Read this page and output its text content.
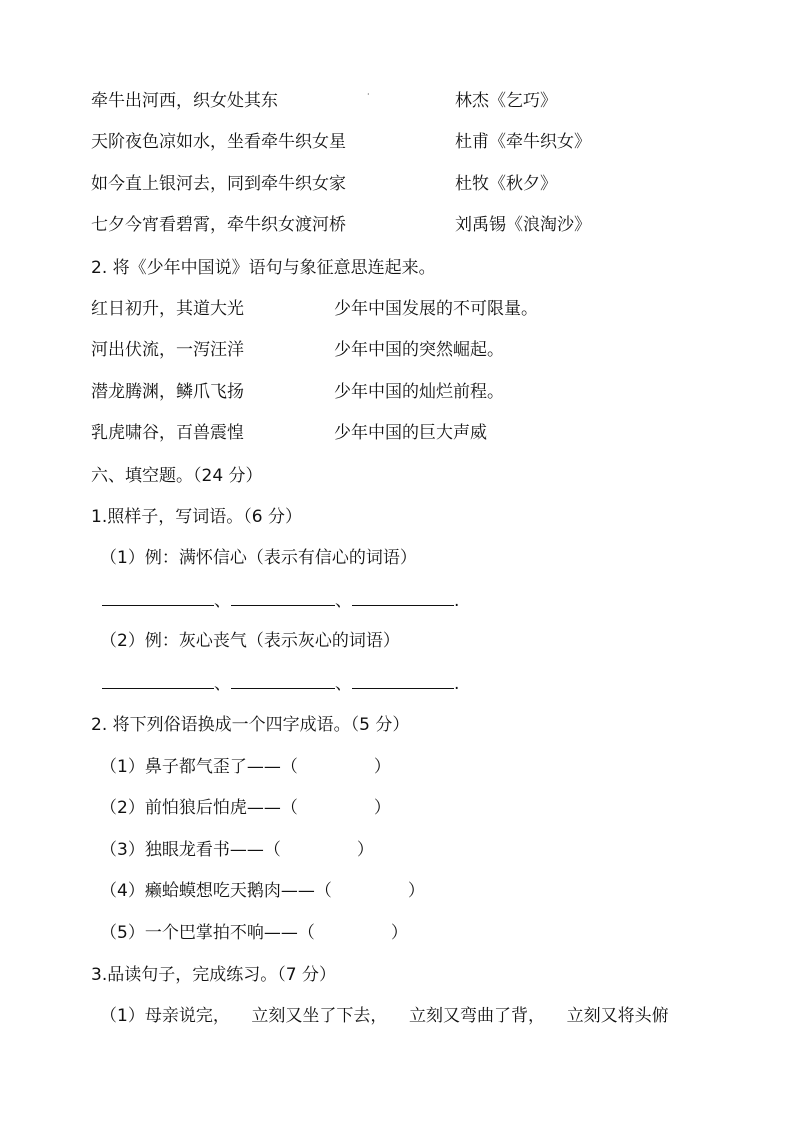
牵牛出河西，织女处其东	林杰《乞巧》
·
天阶夜色凉如水，坐看牵牛织女星	杜甫《牵牛织女》
如今直上银河去，同到牵牛织女家	杜牧《秋夕》
七夕今宵看碧霄，牵牛织女渡河桥	刘禹锡《浪淘沙》
2. 将《少年中国说》语句与象征意思连起来。
红日初升，其道大光	少年中国发展的不可限量。
河出伏流，一泻汪洋	少年中国的突然崛起。
潜龙腾渊，鳞爪飞扬	少年中国的灿烂前程。
乳虎啸谷，百兽震惶	少年中国的巨大声威
六、填空题。（24 分）
1.照样子，写词语。（6 分）
（1）例：满怀信心（表示有信心的词语）
、	、	.
（2）例：灰心丧气（表示灰心的词语）
、	、	.
2. 将下列俗语换成一个四字成语。（5 分）
（1）鼻子都气歪了——（	）
（2）前怕狼后怕虎——（	）
（3）独眼龙看书——（	）
（4）癞蛤蟆想吃天鹅肉——（	）
（5）一个巴掌拍不响——（	）
3.品读句子，完成练习。（7 分）
（1）母亲说完，    立刻又坐了下去，    立刻又弯曲了背，    立刻又将头俯
